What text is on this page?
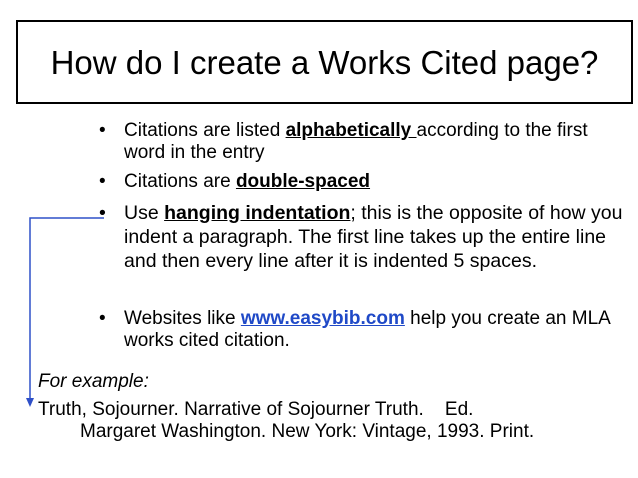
How do I create a Works Cited page?
• Citations are listed alphabetically according to the first word in the entry
• Citations are double-spaced
• Use hanging indentation; this is the opposite of how you indent a paragraph. The first line takes up the entire line and then every line after it is indented 5 spaces.
• Websites like www.easybib.com help you create an MLA works cited citation.
For example:
Truth, Sojourner. Narrative of Sojourner Truth.    Ed.
Margaret Washington. New York: Vintage, 1993. Print.
